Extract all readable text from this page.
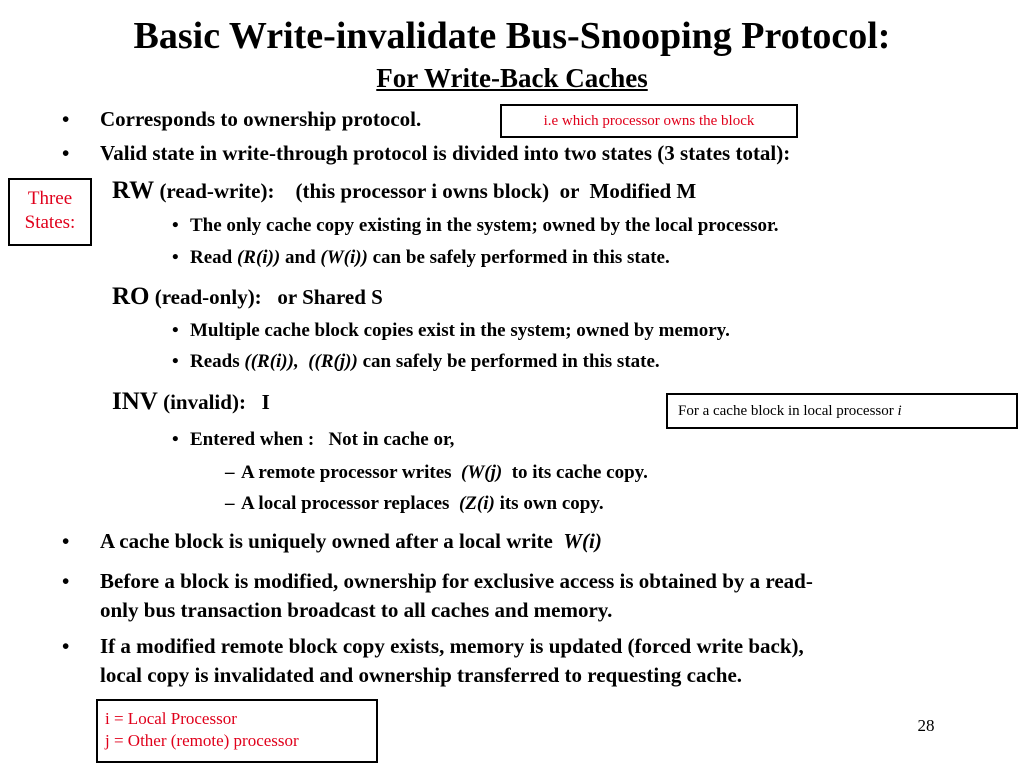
Basic Write-invalidate Bus-Snooping Protocol:
For Write-Back Caches
• Corresponds to ownership protocol.	i.e which processor owns the block
• Valid state in write-through protocol is divided into two states (3 states total):
Three
States:
RW (read-write):    (this processor i owns block)  or  Modified M
• The only cache copy existing in the system; owned by the local processor.
• Read (R(i)) and (W(i)) can be safely performed in this state.
RO (read-only):   or Shared S
• Multiple cache block copies exist in the system; owned by memory.
• Reads ((R(i)), ((R(j)) can safely be performed in this state.
INV (invalid):   I	For a cache block in local processor i
• Entered when :   Not in cache or,
– A remote processor writes  (W(j)  to its cache copy.
– A local processor replaces  (Z(i) its own copy.
• A cache block is uniquely owned after a local write  W(i)
• Before a block is modified, ownership for exclusive access is obtained by a read-
only bus transaction broadcast to all caches and memory.
• If a modified remote block copy exists, memory is updated (forced write back),
local copy is invalidated and ownership transferred to requesting cache.
i = Local Processor
j = Other (remote) processor
28
